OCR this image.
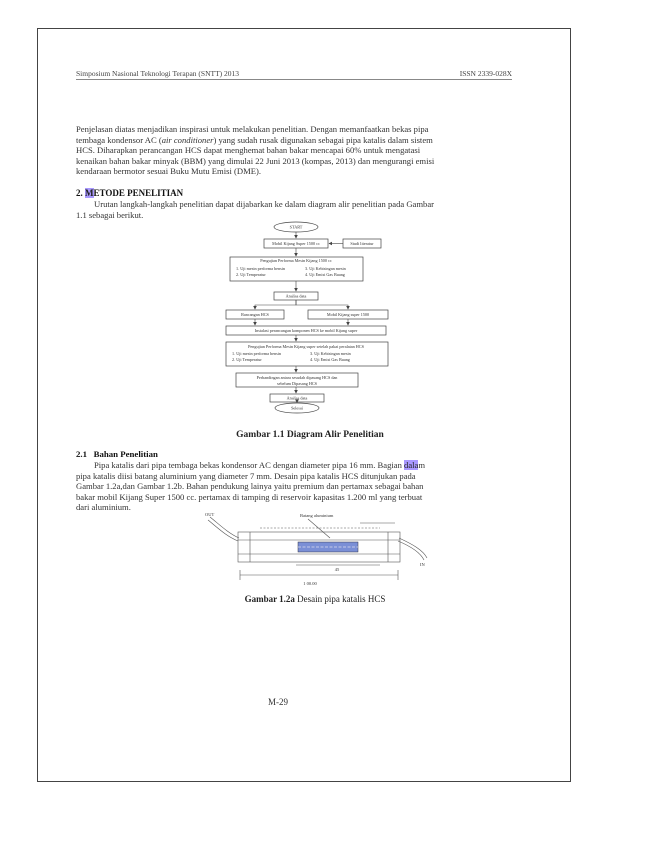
Simposium Nasional Teknologi Terapan (SNTT) 2013	ISSN 2339-028X

Penjelasan diatas menjadikan inspirasi untuk melakukan penelitian. Dengan memanfaatkan bekas pipa

tembaga kondensor AC (air conditioner) yang sudah rusak digunakan sebagai pipa katalis dalam sistem

HCS. Diharapkan perancangan HCS dapat menghemat bahan bakar mencapai 60% untuk mengatasi

kenaikan bahan bakar minyak (BBM) yang dimulai 22 Juni 2013 (kompas, 2013) dan mengurangi emisi

kendaraan bermotor sesuai Buku Mutu Emisi (DME).

2. METODE PENELITIAN

Urutan langkah-langkah penelitian dapat dijabarkan ke dalam diagram alir penelitian pada Gambar

1.1 sebagai berikut.

START
Mobil Kijang Super 1500 cc	Studi literatur
Pengujian Performa Mesin Kijang 1500 cc
1. Uji mesin performa bensin
2. Uji Temperatur
3. Uji Kebisingan mesin
4. Uji Emisi Gas Buang
Analisa data
Rancangan HCS	Mobil Kijang super 1500
Instalasi perancangan komponen HCS ke mobil Kijang super
Pengujian Performa Mesin Kijang super setelah pakai peralatan HCS
1. Uji mesin performa bensin
2. Uji Temperatur
3. Uji Kebisingan mesin
4. Uji Emisi Gas Buang
Perbandingan antara sesudah dipasang HCS dan
sebelum Dipasang HCS
Analisa data
Selesai
Gambar 1.1 Diagram Alir Penelitian
2.1 Bahan Penelitian

Pipa katalis dari pipa tembaga bekas kondensor AC dengan diameter pipa 16 mm. Bagian dalam

pipa katalis diisi batang aluminium yang diameter 7 mm. Desain pipa katalis HCS ditunjukan pada

Gambar 1.2a,dan Gambar 1.2b. Bahan pendukung lainya yaitu premium dan pertamax sebagai bahan

bakar mobil Kijang Super 1500 cc. pertamax di tamping di reservoir kapasitas 1.200 ml yang terbuat

dari aluminium.

OUT
IN
Batang aluminium
1 00.00
45
Gambar 1.2a Desain pipa katalis HCS
M-29
